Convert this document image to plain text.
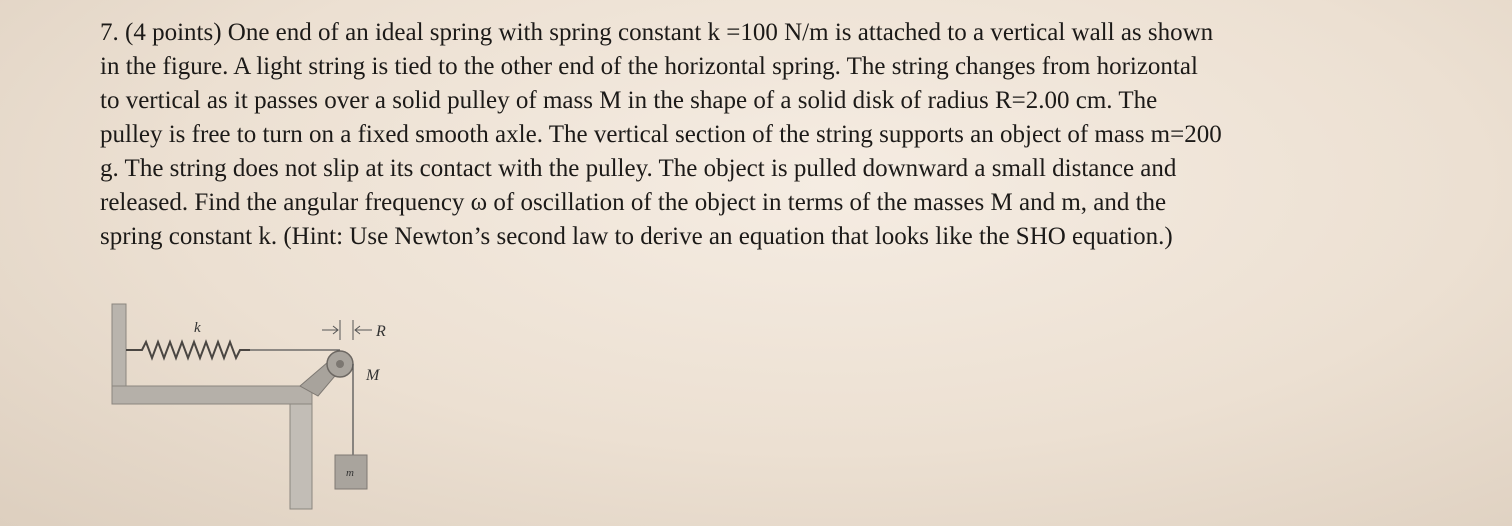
7. (4 points) One end of an ideal spring with spring constant k =100 N/m is attached to a vertical wall as shown
in the figure. A light string is tied to the other end of the horizontal spring. The string changes from horizontal
to vertical as it passes over a solid pulley of mass M in the shape of a solid disk of radius R=2.00 cm. The
pulley is free to turn on a fixed smooth axle. The vertical section of the string supports an object of mass m=200
g. The string does not slip at its contact with the pulley. The object is pulled downward a small distance and
released. Find the angular frequency ω of oscillation of the object in terms of the masses M and m, and the
spring constant k. (Hint: Use Newton’s second law to derive an equation that looks like the SHO equation.)
k	R
M
m
